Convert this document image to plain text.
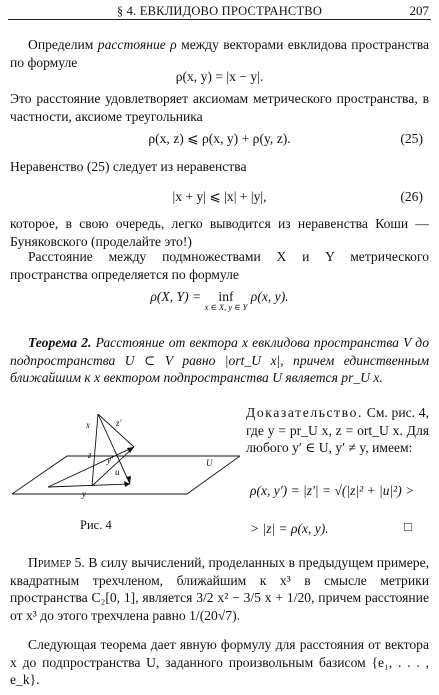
§ 4. ЕВКЛИДОВО ПРОСТРАНСТВО	207
Определим расстояние ρ между векторами евклидова пространства по формуле
ρ(x, y) = |x − y|.
Это расстояние удовлетворяет аксиомам метрического пространства, в частности, аксиоме треугольника
ρ(x, z) ⩽ ρ(x, y) + ρ(y, z).	(25)
Неравенство (25) следует из неравенства
|x + y| ⩽ |x| + |y|,	(26)
которое, в свою очередь, легко выводится из неравенства Коши — Буняковского (проделайте это!)
Расстояние между подмножествами X и Y метрического пространства определяется по формуле
ρ(X, Y) = inf

x ∈ X, y ∈ Y
ρ(x, y).
Теорема 2. Расстояние от вектора x евклидова пространства V до подпространства U ⊂ V равно |ort_U x|, причем единственным ближайшим к x вектором подпространства U является pr_U x.
x	z′
z y′
u
y
U
Рис. 4
Доказательство. См. рис. 4, где y = pr_U x, z = ort_U x. Для любого y′ ∈ U, y′ ≠ y, имеем:
ρ(x, y′) = |z′| = √(|z|² + |u|²) >
> |z| = ρ(x, y).	□
Пример 5. В силу вычислений, проделанных в предыдущем примере, квадратным трехчленом, ближайшим к x³ в смысле метрики пространства C₂[0, 1], является 3/2 x² − 3/5 x + 1/20, причем расстояние от x³ до этого трехчлена равно 1/(20√7).
Следующая теорема дает явную формулу для расстояния от вектора x до подпространства U, заданного произвольным базисом {e₁, . . . , e_k}.
